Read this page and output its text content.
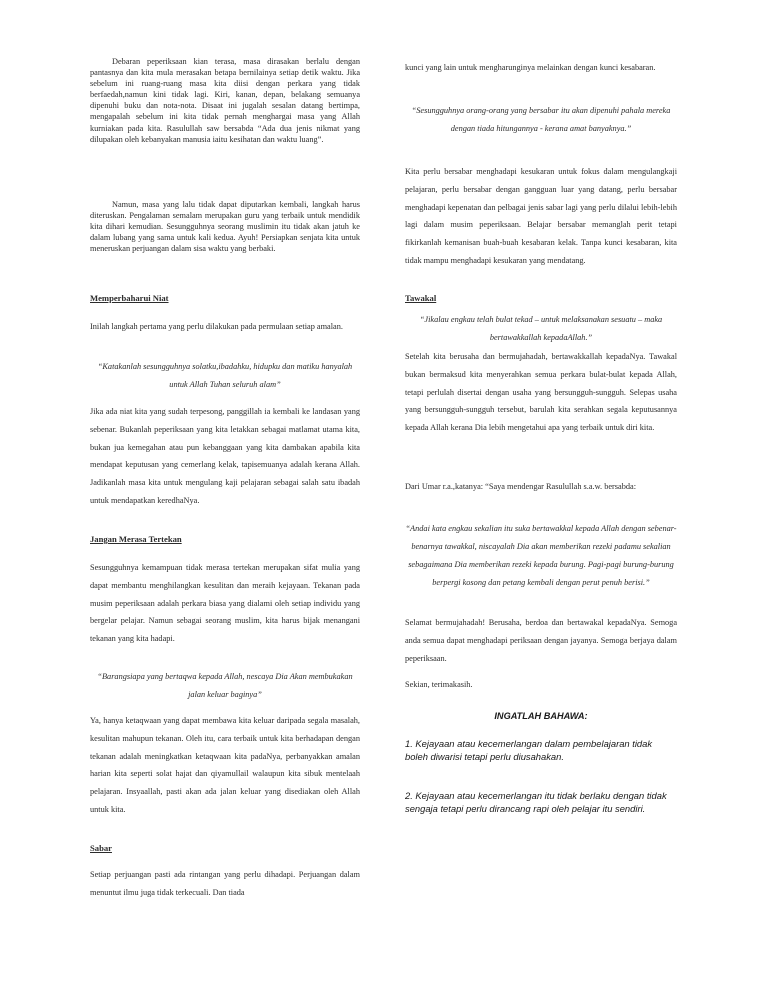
Debaran peperiksaan kian terasa, masa dirasakan berlalu dengan pantasnya dan kita mula merasakan betapa bernilainya setiap detik waktu. Jika sebelum ini ruang-ruang masa kita diisi dengan perkara yang tidak berfaedah,namun kini tidak lagi. Kiri, kanan, depan, belakang semuanya dipenuhi buku dan nota-nota. Disaat ini jugalah sesalan datang bertimpa, mengapalah sebelum ini kita tidak pernah menghargai masa yang Allah kurniakan pada kita. Rasulullah saw bersabda “Ada dua jenis nikmat yang dilupakan oleh kebanyakan manusia iaitu kesihatan dan waktu luang”.

Namun, masa yang lalu tidak dapat diputarkan kembali, langkah harus diteruskan. Pengalaman semalam merupakan guru yang terbaik untuk mendidik kita dihari kemudian. Sesungguhnya seorang muslimin itu tidak akan jatuh ke dalam lubang yang sama untuk kali kedua. Ayuh! Persiapkan senjata kita untuk meneruskan perjuangan dalam sisa waktu yang berbaki.

Memperbaharui Niat

Inilah langkah pertama yang perlu dilakukan pada permulaan setiap amalan.

“Katakanlah sesungguhnya solatku,ibadahku, hidupku dan matiku hanyalah untuk Allah Tuhan seluruh alam”

Jika ada niat kita yang sudah terpesong, panggillah ia kembali ke landasan yang sebenar. Bukanlah peperiksaan yang kita letakkan sebagai matlamat utama kita, bukan jua kemegahan atau pun kebanggaan yang kita dambakan apabila kita mendapat keputusan yang cemerlang kelak, tapisemuanya adalah kerana Allah. Jadikanlah masa kita untuk mengulang kaji pelajaran sebagai salah satu ibadah untuk mendapatkan keredhaNya.

Jangan Merasa Tertekan

Sesungguhnya kemampuan tidak merasa tertekan merupakan sifat mulia yang dapat membantu menghilangkan kesulitan dan meraih kejayaan. Tekanan pada musim peperiksaan adalah perkara biasa yang dialami oleh setiap individu yang bergelar pelajar. Namun sebagai seorang muslim, kita harus bijak menangani tekanan yang kita hadapi.

“Barangsiapa yang bertaqwa kepada Allah, nescaya Dia Akan membukakan jalan keluar baginya”

Ya, hanya ketaqwaan yang dapat membawa kita keluar daripada segala masalah, kesulitan mahupun tekanan. Oleh itu, cara terbaik untuk kita berhadapan dengan tekanan adalah meningkatkan ketaqwaan kita padaNya, perbanyakkan amalan harian kita seperti solat hajat dan qiyamullail walaupun kita sibuk mentelaah pelajaran. Insyaallah, pasti akan ada jalan keluar yang disediakan oleh Allah untuk kita.

Sabar

Setiap perjuangan pasti ada rintangan yang perlu dihadapi. Perjuangan dalam menuntut ilmu juga tidak terkecuali. Dan tiada

kunci yang lain untuk mengharunginya melainkan dengan kunci kesabaran.

“Sesungguhnya orang-orang yang bersabar itu akan dipenuhi pahala mereka dengan tiada hitungannya - kerana amat banyaknya.”

Kita perlu bersabar menghadapi kesukaran untuk fokus dalam mengulangkaji pelajaran, perlu bersabar dengan gangguan luar yang datang, perlu bersabar menghadapi kepenatan dan pelbagai jenis sabar lagi yang perlu dilalui lebih-lebih lagi dalam musim peperiksaan. Belajar bersabar memanglah perit tetapi fikirkanlah kemanisan buah-buah kesabaran kelak. Tanpa kunci kesabaran, kita tidak mampu menghadapi kesukaran yang mendatang.

Tawakal

“Jikalau engkau telah bulat tekad – untuk melaksanakan sesuatu – maka bertawakkallah kepadaAllah.”

Setelah kita berusaha dan bermujahadah, bertawakkallah kepadaNya. Tawakal bukan bermaksud kita menyerahkan semua perkara bulat-bulat kepada Allah, tetapi perlulah disertai dengan usaha yang bersungguh-sungguh. Selepas usaha yang bersungguh-sungguh tersebut, barulah kita serahkan segala keputusannya kepada Allah kerana Dia lebih mengetahui apa yang terbaik untuk diri kita.

Dari Umar r.a.,katanya: “Saya mendengar Rasulullah s.a.w. bersabda:

“Andai kata engkau sekalian itu suka bertawakkal kepada Allah dengan sebenar-benarnya tawakkal, niscayalah Dia akan memberikan rezeki padamu sekalian sebagaimana Dia memberikan rezeki kepada burung. Pagi-pagi burung-burung berpergi kosong dan petang kembali dengan perut penuh berisi.”

Selamat bermujahadah! Berusaha, berdoa dan bertawakal kepadaNya. Semoga anda semua dapat menghadapi periksaan dengan jayanya. Semoga berjaya dalam peperiksaan.

Sekian, terimakasih.

INGATLAH BAHAWA:

1. Kejayaan atau kecemerlangan dalam pembelajaran tidak boleh diwarisi tetapi perlu diusahakan.

2. Kejayaan atau kecemerlangan itu tidak berlaku dengan tidak sengaja tetapi perlu dirancang rapi oleh pelajar itu sendiri.
